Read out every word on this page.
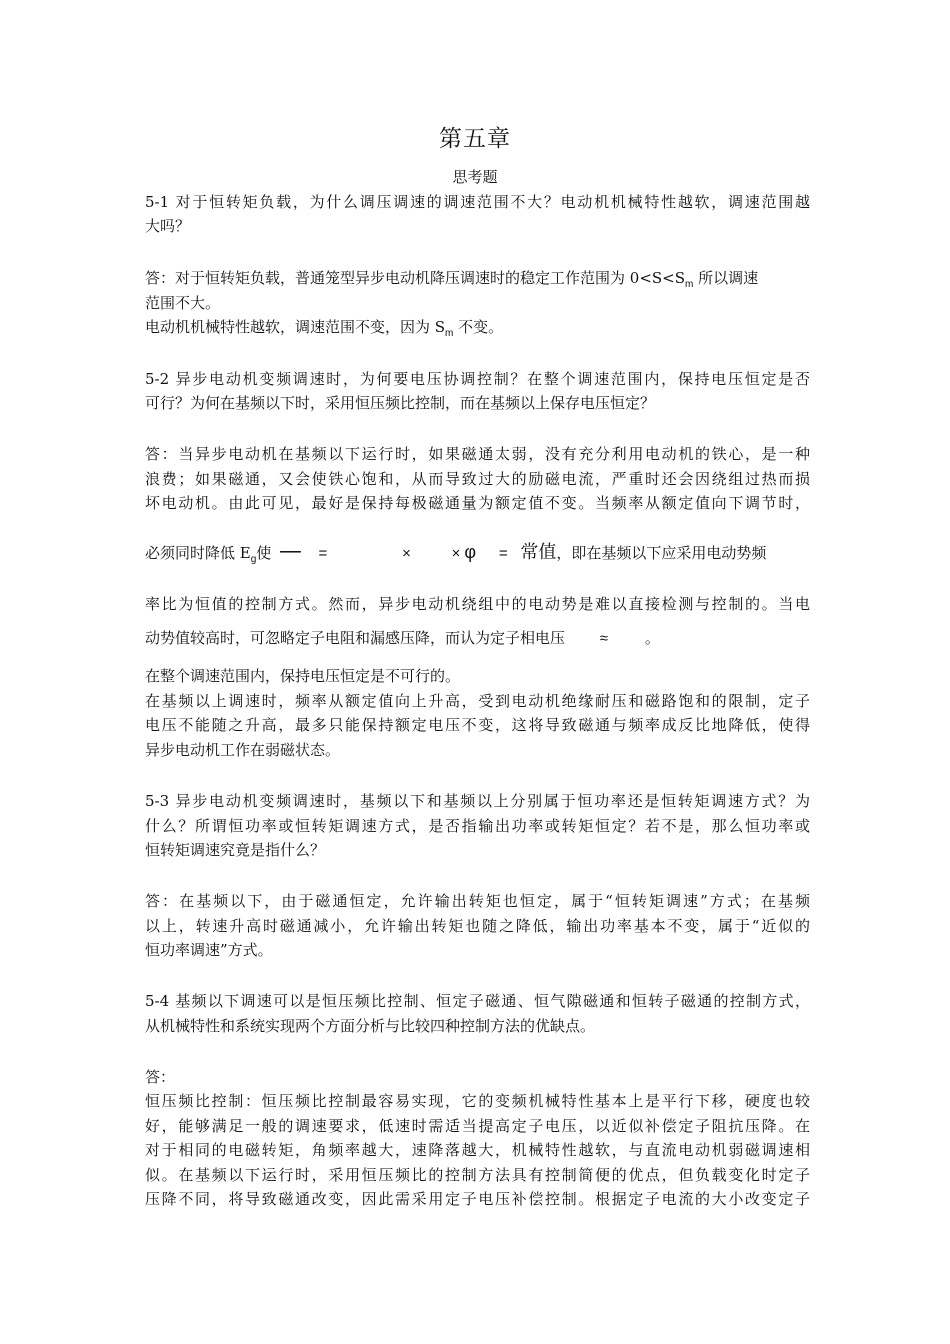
第五章
思考题
5-1 对于恒转矩负载，为什么调压调速的调速范围不大？电动机机械特性越软，调速范围越
大吗？
答：对于恒转矩负载，普通笼型异步电动机降压调速时的稳定工作范围为 $0<S<S_m$ 所以调速
范围不大。
电动机机械特性越软，调速范围不变，因为 $S_m$ 不变。
5-2 异步电动机变频调速时，为何要电压协调控制？在整个调速范围内，保持电压恒定是否
可行？为何在基频以下时，采用恒压频比控制，而在基频以上保存电压恒定？
答：当异步电动机在基频以下运行时，如果磁通太弱，没有充分利用电动机的铁心，是一种
浪费；如果磁通，又会使铁心饱和，从而导致过大的励磁电流，严重时还会因绕组过热而损
坏电动机。由此可见，最好是保持每极磁通量为额定值不变。当频率从额定值向下调节时，
必须同时降低 $E_g$使 ── =	×	× φ = 常值，即在基频以下应采用电动势频
率比为恒值的控制方式。然而，异步电动机绕组中的电动势是难以直接检测与控制的。当电
动势值较高时，可忽略定子电阻和漏感压降，而认为定子相电压 ≈ 。
在整个调速范围内，保持电压恒定是不可行的。
在基频以上调速时，频率从额定值向上升高，受到电动机绝缘耐压和磁路饱和的限制，定子
电压不能随之升高，最多只能保持额定电压不变，这将导致磁通与频率成反比地降低，使得
异步电动机工作在弱磁状态。
5-3 异步电动机变频调速时，基频以下和基频以上分别属于恒功率还是恒转矩调速方式？为
什么？所谓恒功率或恒转矩调速方式，是否指输出功率或转矩恒定？若不是，那么恒功率或
恒转矩调速究竟是指什么？
答：在基频以下，由于磁通恒定，允许输出转矩也恒定，属于“恒转矩调速”方式；在基频
以上，转速升高时磁通减小，允许输出转矩也随之降低，输出功率基本不变，属于“近似的
恒功率调速”方式。
5-4 基频以下调速可以是恒压频比控制、恒定子磁通、恒气隙磁通和恒转子磁通的控制方式，
从机械特性和系统实现两个方面分析与比较四种控制方法的优缺点。
答：
恒压频比控制：恒压频比控制最容易实现，它的变频机械特性基本上是平行下移，硬度也较
好，能够满足一般的调速要求，低速时需适当提高定子电压，以近似补偿定子阻抗压降。在
对于相同的电磁转矩，角频率越大，速降落越大，机械特性越软，与直流电动机弱磁调速相
似。在基频以下运行时，采用恒压频比的控制方法具有控制简便的优点，但负载变化时定子
压降不同，将导致磁通改变，因此需采用定子电压补偿控制。根据定子电流的大小改变定子
